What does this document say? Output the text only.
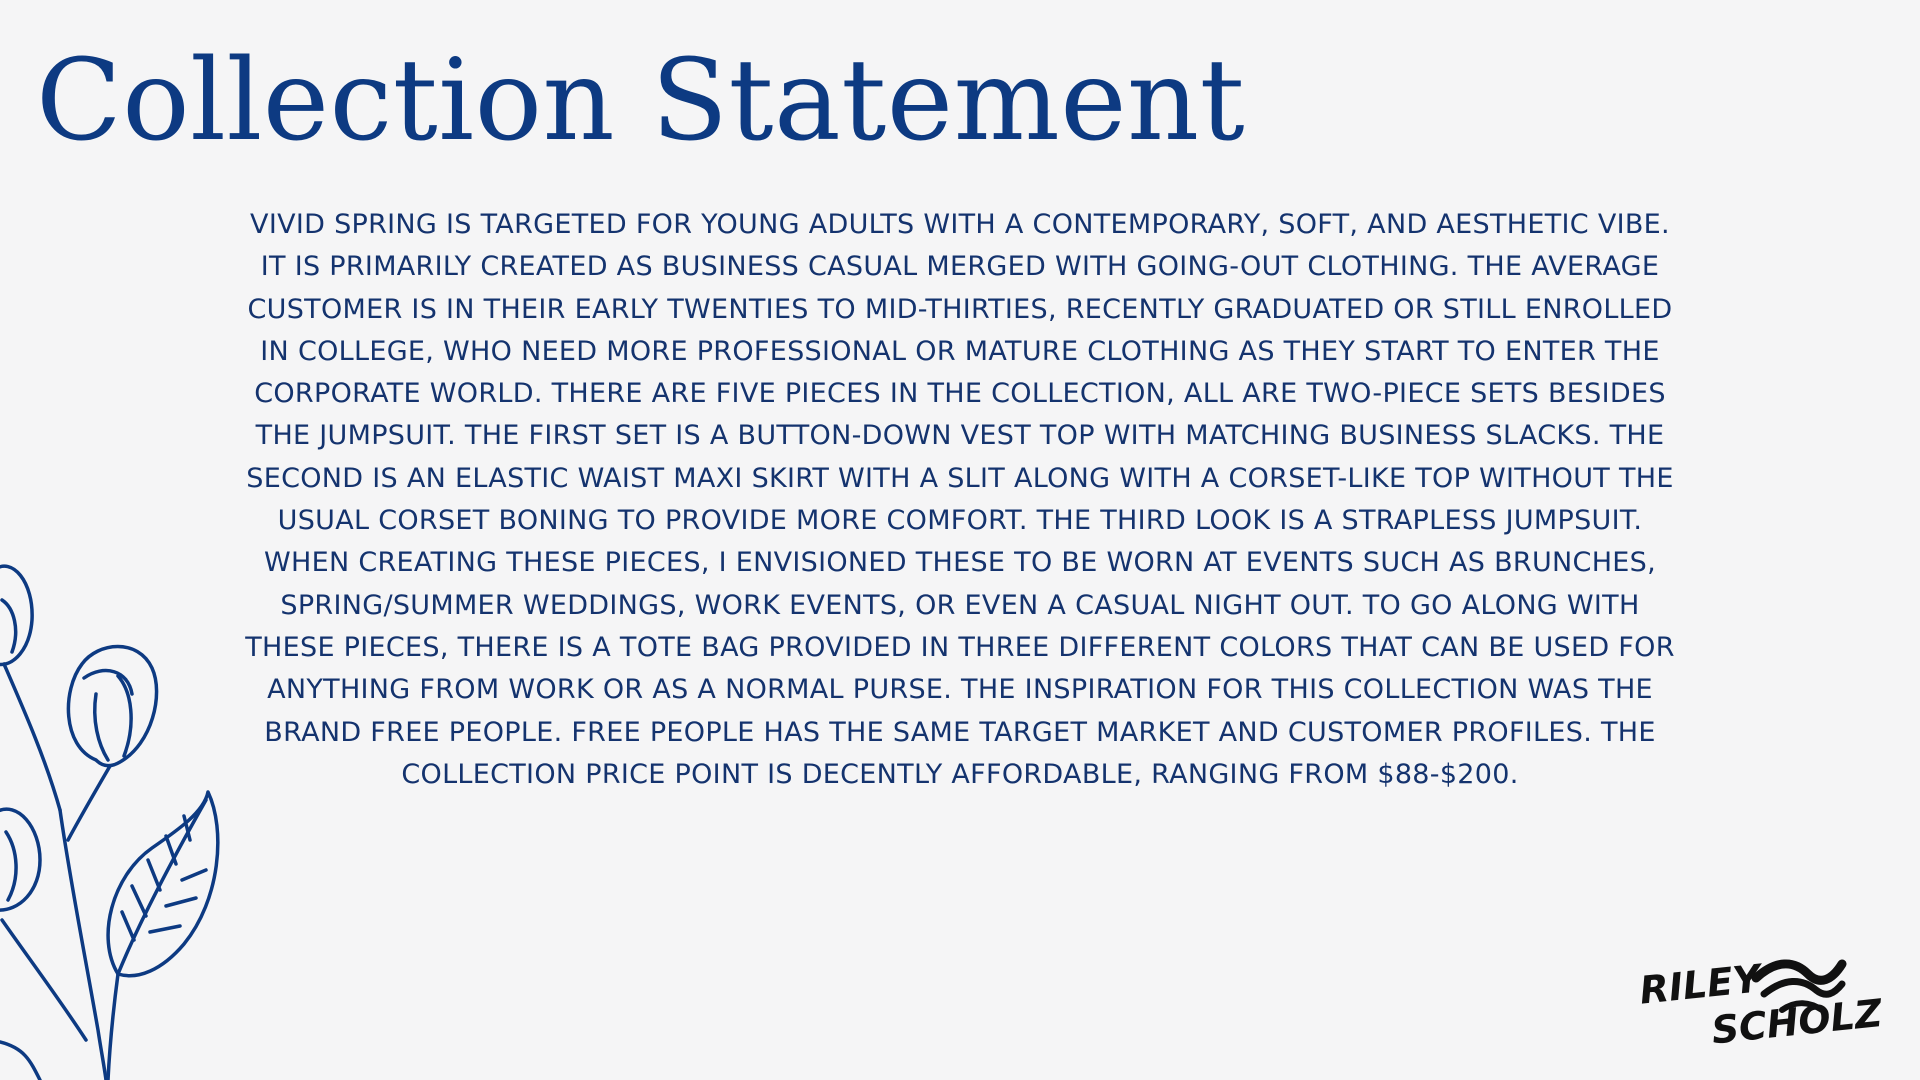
Collection Statement

VIVID SPRING IS TARGETED FOR YOUNG ADULTS WITH A CONTEMPORARY, SOFT, AND AESTHETIC VIBE. IT IS PRIMARILY CREATED AS BUSINESS CASUAL MERGED WITH GOING-OUT CLOTHING. THE AVERAGE CUSTOMER IS IN THEIR EARLY TWENTIES TO MID-THIRTIES, RECENTLY GRADUATED OR STILL ENROLLED IN COLLEGE, WHO NEED MORE PROFESSIONAL OR MATURE CLOTHING AS THEY START TO ENTER THE CORPORATE WORLD. THERE ARE FIVE PIECES IN THE COLLECTION, ALL ARE TWO-PIECE SETS BESIDES THE JUMPSUIT. THE FIRST SET IS A BUTTON-DOWN VEST TOP WITH MATCHING BUSINESS SLACKS. THE SECOND IS AN ELASTIC WAIST MAXI SKIRT WITH A SLIT ALONG WITH A CORSET-LIKE TOP WITHOUT THE USUAL CORSET BONING TO PROVIDE MORE COMFORT. THE THIRD LOOK IS A STRAPLESS JUMPSUIT. WHEN CREATING THESE PIECES, I ENVISIONED THESE TO BE WORN AT EVENTS SUCH AS BRUNCHES, SPRING/SUMMER WEDDINGS, WORK EVENTS, OR EVEN A CASUAL NIGHT OUT. TO GO ALONG WITH THESE PIECES, THERE IS A TOTE BAG PROVIDED IN THREE DIFFERENT COLORS THAT CAN BE USED FOR ANYTHING FROM WORK OR AS A NORMAL PURSE. THE INSPIRATION FOR THIS COLLECTION WAS THE BRAND FREE PEOPLE. FREE PEOPLE HAS THE SAME TARGET MARKET AND CUSTOMER PROFILES. THE COLLECTION PRICE POINT IS DECENTLY AFFORDABLE, RANGING FROM $88-$200.

RILEY
SCHOLZ
